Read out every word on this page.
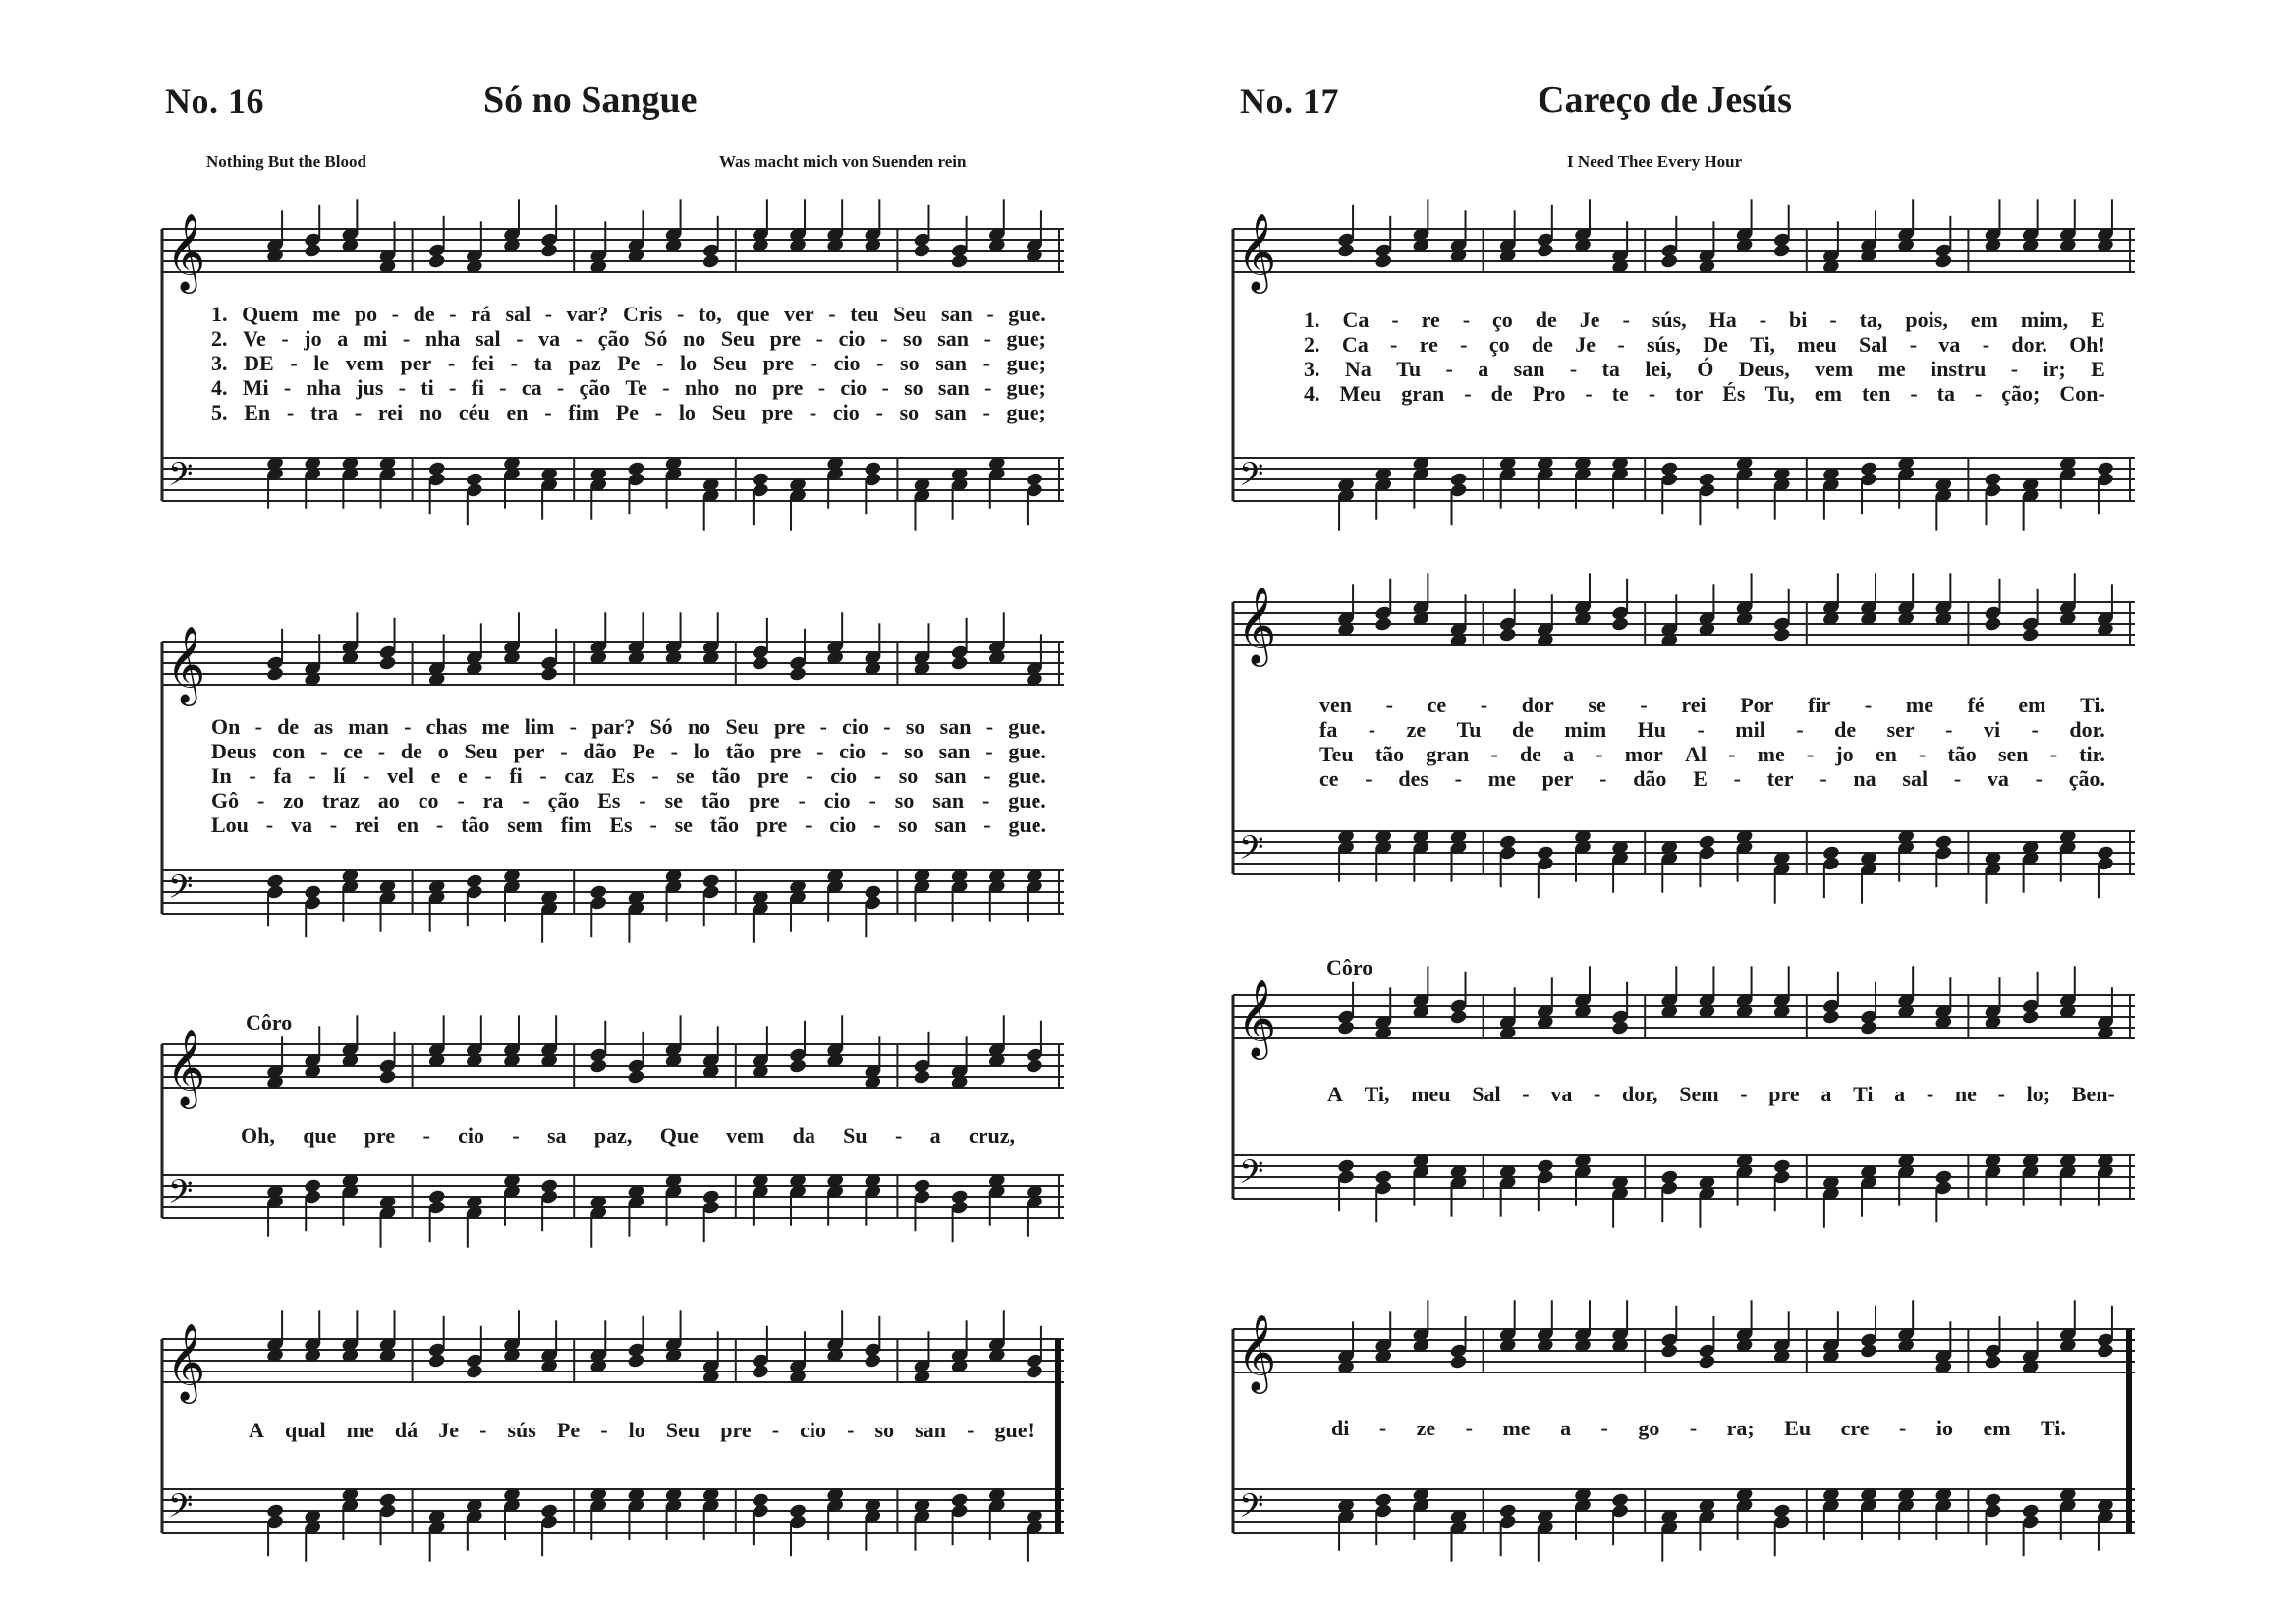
No. 16	Só no Sangue
Nothing But the Blood	Was macht mich von Suenden rein
No. 17	Careço de Jesús
I Need Thee Every Hour
𝄞
𝄢
1. Quem me po - de - rá sal - var? Cris - to, que ver - teu Seu san - gue.
2. Ve - jo a mi - nha sal - va - ção Só no Seu pre - cio - so san - gue;
3. DE - le vem per - fei - ta paz Pe - lo Seu pre - cio - so san - gue;
4. Mi - nha jus - ti - fi - ca - ção Te - nho no pre - cio - so san - gue;
5. En - tra - rei no céu en - fim Pe - lo Seu pre - cio - so san - gue;
𝄞
𝄢
On - de as man - chas me lim - par? Só no Seu pre - cio - so san - gue.
Deus con - ce - de o Seu per - dão Pe - lo tão pre - cio - so san - gue.
In - fa - lí - vel e e - fi - caz Es - se tão pre - cio - so san - gue.
Gô - zo traz ao co - ra - ção Es - se tão pre - cio - so san - gue.
Lou - va - rei en - tão sem fim Es - se tão pre - cio - so san - gue.
Côro
𝄞
𝄢
Oh, que pre - cio - sa paz, Que vem da Su - a cruz,
𝄞
𝄢
A qual me dá Je - sús Pe - lo Seu pre - cio - so san - gue!
𝄞
𝄢
1. Ca - re - ço de Je - sús, Ha - bi - ta, pois, em mim, E
2. Ca - re - ço de Je - sús, De Ti, meu Sal - va - dor. Oh!
3. Na Tu - a san - ta lei, Ó Deus, vem me instru - ir; E
4. Meu gran - de Pro - te - tor És Tu, em ten - ta - ção; Con-
𝄞
𝄢
ven - ce - dor se - rei Por fir - me fé em Ti.
fa - ze Tu de mim Hu - mil - de ser - vi - dor.
Teu tão gran - de a - mor Al - me - jo en - tão sen - tir.
ce - des - me per - dão E - ter - na sal - va - ção.
Côro
𝄞
𝄢
A Ti, meu Sal - va - dor, Sem - pre a Ti a - ne - lo; Ben-
𝄞
𝄢
di - ze - me a - go - ra; Eu cre - io em Ti.
